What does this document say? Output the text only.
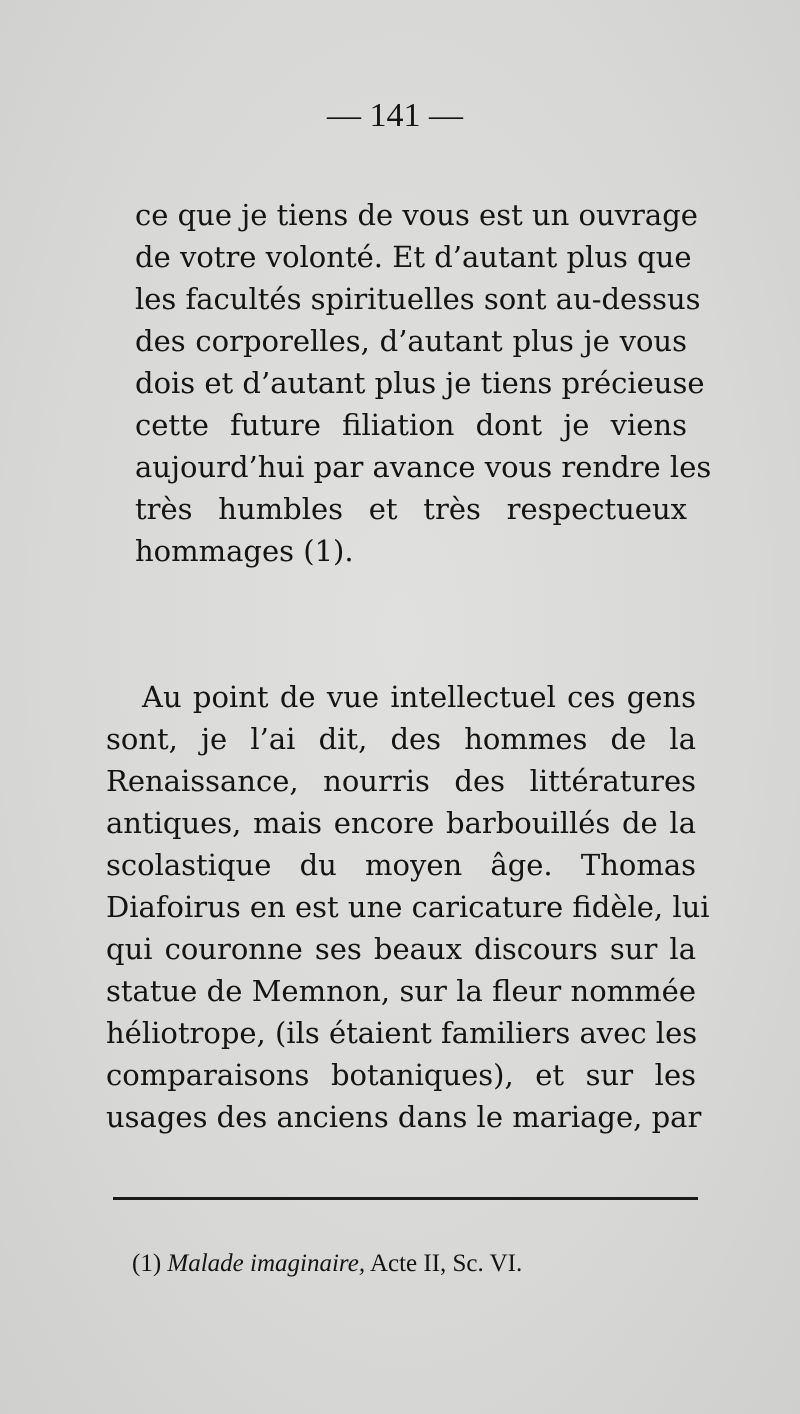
— 141 —
ce que je tiens de vous est un ouvrage
de votre volonté. Et d’autant plus que
les facultés spirituelles sont au-dessus
des corporelles, d’autant plus je vous
dois et d’autant plus je tiens précieuse
cette future filiation dont je viens
aujourd’hui par avance vous rendre les
très humbles et très respectueux
hommages (1).
Au point de vue intellectuel ces gens
sont, je l’ai dit, des hommes de la
Renaissance, nourris des littératures
antiques, mais encore barbouillés de la
scolastique du moyen âge. Thomas
Diafoirus en est une caricature fidèle, lui
qui couronne ses beaux discours sur la
statue de Memnon, sur la fleur nommée
héliotrope, (ils étaient familiers avec les
comparaisons botaniques), et sur les
usages des anciens dans le mariage, par
(1) Malade imaginaire, Acte II, Sc. VI.
